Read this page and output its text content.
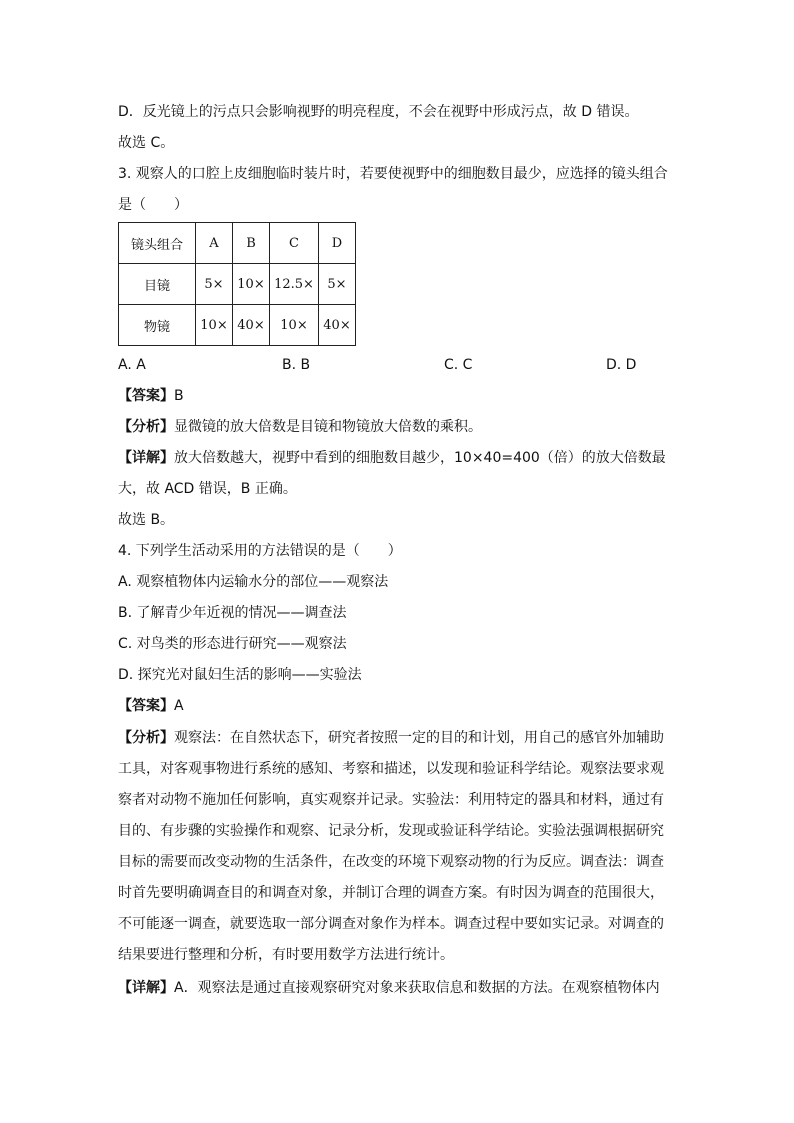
D．反光镜上的污点只会影响视野的明亮程度，不会在视野中形成污点，故 D 错误。
故选 C。
3. 观察人的口腔上皮细胞临时装片时，若要使视野中的细胞数目最少，应选择的镜头组合
是（　　）
镜头组合	A	B	C	D
目镜	5×	10×	12.5×	5×
物镜	10×	40×	10×	40×
A. A	B. B	C. C	D. D
【答案】B
【分析】显微镜的放大倍数是目镜和物镜放大倍数的乘积。
【详解】放大倍数越大，视野中看到的细胞数目越少，10×40=400（倍）的放大倍数最
大，故 ACD 错误，B 正确。
故选 B。
4. 下列学生活动采用的方法错误的是（　　）
A. 观察植物体内运输水分的部位——观察法
B. 了解青少年近视的情况——调查法
C. 对鸟类的形态进行研究——观察法
D. 探究光对鼠妇生活的影响——实验法
【答案】A
【分析】观察法：在自然状态下，研究者按照一定的目的和计划，用自己的感官外加辅助
工具，对客观事物进行系统的感知、考察和描述，以发现和验证科学结论。观察法要求观
察者对动物不施加任何影响，真实观察并记录。实验法：利用特定的器具和材料，通过有
目的、有步骤的实验操作和观察、记录分析，发现或验证科学结论。实验法强调根据研究
目标的需要而改变动物的生活条件，在改变的环境下观察动物的行为反应。调查法：调查
时首先要明确调查目的和调查对象，并制订合理的调查方案。有时因为调查的范围很大，
不可能逐一调查，就要选取一部分调查对象作为样本。调查过程中要如实记录。对调查的
结果要进行整理和分析，有时要用数学方法进行统计。
【详解】A．观察法是通过直接观察研究对象来获取信息和数据的方法。在观察植物体内
